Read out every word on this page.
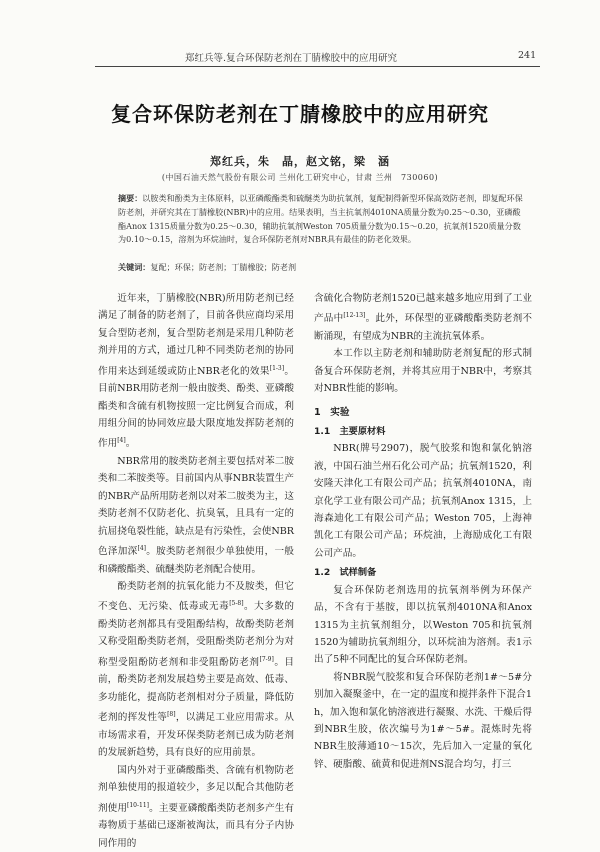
郑红兵等.复合环保防老剂在丁腈橡胶中的应用研究	241
复合环保防老剂在丁腈橡胶中的应用研究
郑红兵，朱　晶，赵文铭，梁　涵
(中国石油天然气股份有限公司 兰州化工研究中心，甘肃 兰州　730060)

摘要：以胺类和酚类为主体原料，以亚磷酸酯类和硫醚类为助抗氧剂，复配制得新型环保高效防老剂，即复配环保防老剂，并研究其在丁腈橡胶(NBR)中的应用。结果表明，当主抗氧剂4010NA质量分数为0.25～0.30，亚磷酸酯Anox 1315质量分数为0.25～0.30，辅助抗氧剂Weston 705质量分数为0.15～0.20，抗氧剂1520质量分数为0.10～0.15，溶剂为环烷油时，复合环保防老剂对NBR具有最佳的防老化效果。

关键词：复配；环保；防老剂；丁腈橡胶；防老剂

近年来，丁腈橡胶(NBR)所用防老剂已经满足了制备的防老剂了，目前各供应商均采用复合型防老剂，复合型防老剂是采用几种防老剂并用的方式，通过几种不同类防老剂的协同作用来达到延缓或防止NBR老化的效果[1-3]。目前NBR用防老剂一般由胺类、酚类、亚磷酸酯类和含硫有机物按照一定比例复合而成，利用组分间的协同效应最大限度地发挥防老剂的作用[4]。

NBR常用的胺类防老剂主要包括对苯二胺类和二苯胺类等。目前国内从事NBR装置生产的NBR产品所用防老剂以对苯二胺类为主，这类防老剂不仅防老化、抗臭氧，且具有一定的抗屈挠龟裂性能，缺点是有污染性，会使NBR色泽加深[4]。胺类防老剂很少单独使用，一般和磷酸酯类、硫醚类防老剂配合使用。

酚类防老剂的抗氧化能力不及胺类，但它不变色、无污染、低毒或无毒[5-8]。大多数的酚类防老剂都具有受阻酚结构，故酚类防老剂又称受阻酚类防老剂，受阻酚类防老剂分为对称型受阻酚防老剂和非受阻酚防老剂[7-9]。目前，酚类防老剂发展趋势主要是高效、低毒、多功能化，提高防老剂相对分子质量，降低防老剂的挥发性等[8]，以满足工业应用需求。从市场需求看，开发环保类防老剂已成为防老剂的发展新趋势，具有良好的应用前景。

国内外对于亚磷酸酯类、含硫有机物防老剂单独使用的报道较少，多足以配合其他防老剂使用[10-11]。主要亚磷酸酯类防老剂多产生有毒物质于基础已逐渐被淘汰，而具有分子内协同作用的

含硫化合物防老剂1520已越来越多地应用到了工业产品中[12-13]。此外，环保型的亚磷酸酯类防老剂不断涌现，有望成为NBR的主流抗氧体系。

本工作以主防老剂和辅助防老剂复配的形式制备复合环保防老剂，并将其应用于NBR中，考察其对NBR性能的影响。

1　实验
1.1　主要原材料

NBR(牌号2907)，脱气胶浆和饱和氯化钠溶液，中国石油兰州石化公司产品；抗氧剂1520，利安隆天津化工有限公司产品；抗氧剂4010NA，南京化学工业有限公司产品；抗氧剂Anox 1315，上海森迪化工有限公司产品；Weston 705，上海神凯化工有限公司产品；环烷油，上海励成化工有限公司产品。

1.2　试样制备

复合环保防老剂选用的抗氧剂举例为环保产品，不含有于基胺，即以抗氧剂4010NA和Anox 1315为主抗氧剂组分，以Weston 705和抗氧剂1520为辅助抗氧剂组分，以环烷油为溶剂。表1示出了5种不同配比的复合环保防老剂。

将NBR脱气胶浆和复合环保防老剂1#～5#分别加入凝聚釜中，在一定的温度和搅拌条件下混合1 h，加入饱和氯化钠溶液进行凝聚、水洗、干燥后得到NBR生胶，依次编号为1#～5#。混炼时先将NBR生胶薄通10～15次，先后加入一定量的氧化锌、硬脂酸、硫黄和促进剂NS混合均匀，打三
